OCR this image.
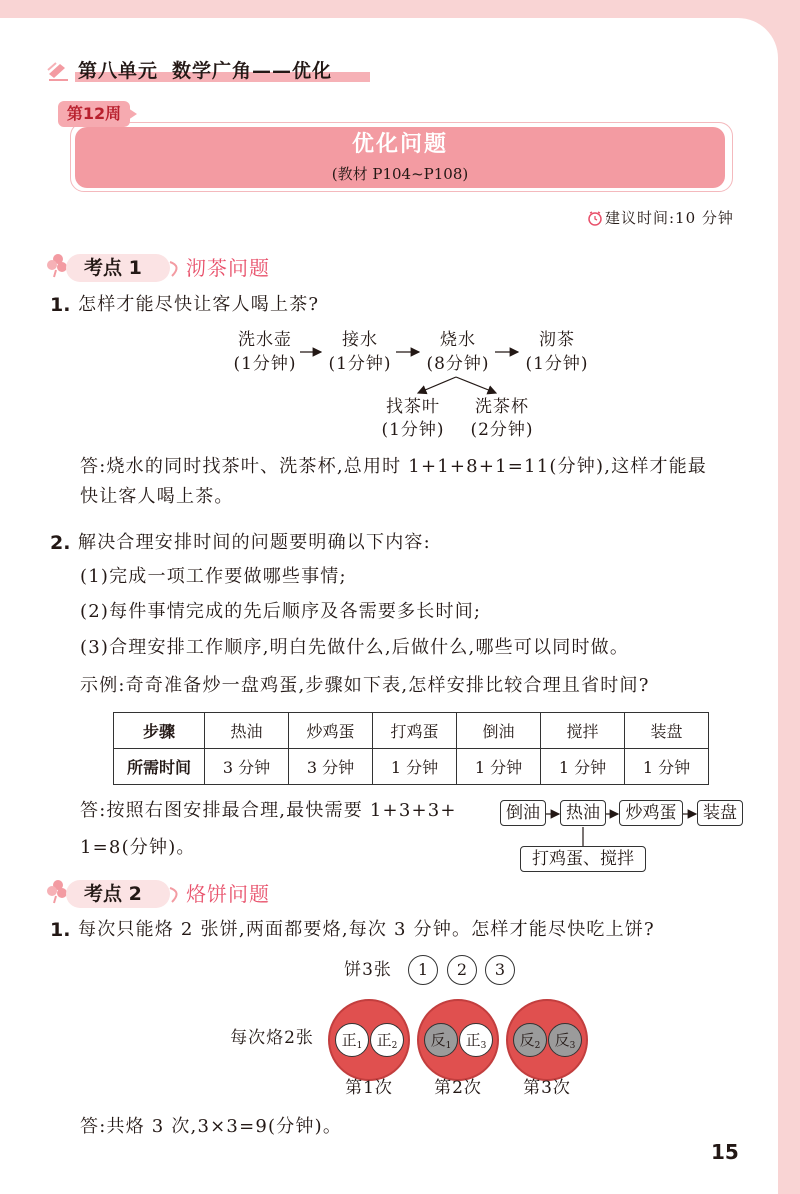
第八单元 数学广角——优化
第12周
优化问题
(教材 P104~P108)
建议时间:10 分钟
考点 1 沏茶问题
1. 怎样才能尽快让客人喝上茶?
洗水壶
(1分钟)
接水
(1分钟)
烧水
(8分钟)
沏茶
(1分钟)
找茶叶
(1分钟)
洗茶杯
(2分钟)
答:烧水的同时找茶叶、洗茶杯,总用时 1+1+8+1=11(分钟),这样才能最
快让客人喝上茶。
2. 解决合理安排时间的问题要明确以下内容:
(1)完成一项工作要做哪些事情;
(2)每件事情完成的先后顺序及各需要多长时间;
(3)合理安排工作顺序,明白先做什么,后做什么,哪些可以同时做。
示例:奇奇准备炒一盘鸡蛋,步骤如下表,怎样安排比较合理且省时间?
步骤	热油	炒鸡蛋	打鸡蛋	倒油	搅拌	装盘
所需时间	3 分钟	3 分钟	1 分钟	1 分钟	1 分钟	1 分钟
答:按照右图安排最合理,最快需要 1+3+3+
1=8(分钟)。
倒油	热油	炒鸡蛋	装盘
打鸡蛋、搅拌
考点 2 烙饼问题
1. 每次只能烙 2 张饼,两面都要烙,每次 3 分钟。怎样才能尽快吃上饼?
饼3张	1	2	3
每次烙2张	正$_1$ 正$_2$	反$_1$ 正$_3$	反$_2$ 反$_3$
第1次 第2次 第3次
答:共烙 3 次,3×3=9(分钟)。
15
